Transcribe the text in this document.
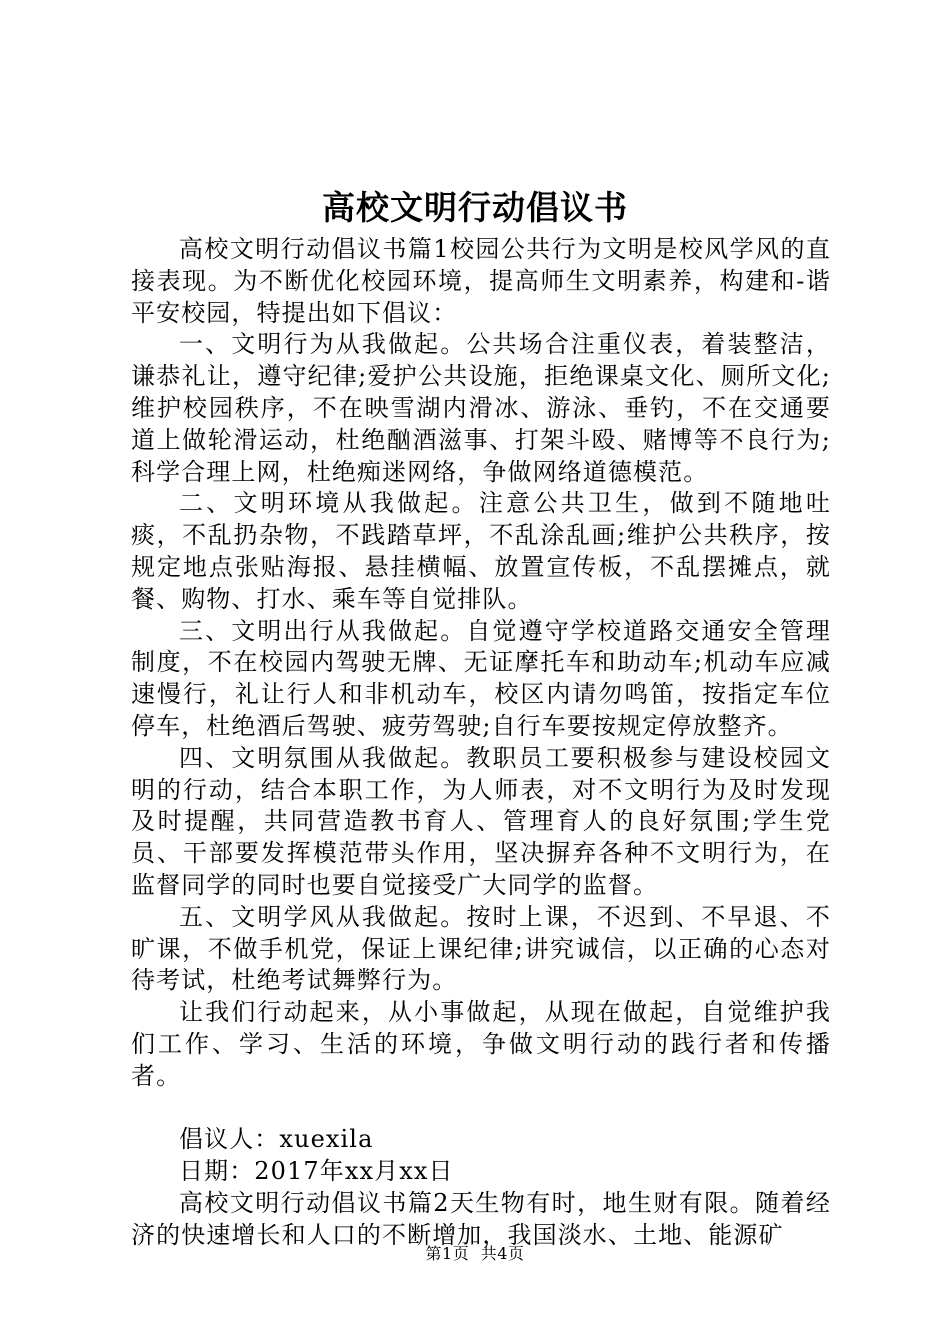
高校文明行动倡议书

高校文明行动倡议书篇1校园公共行为文明是校风学风的直接表现。为不断优化校园环境，提高师生文明素养，构建和-谐平安校园，特提出如下倡议：

一、文明行为从我做起。公共场合注重仪表，着装整洁，谦恭礼让，遵守纪律;爱护公共设施，拒绝课桌文化、厕所文化;维护校园秩序，不在映雪湖内滑冰、游泳、垂钓，不在交通要道上做轮滑运动，杜绝酗酒滋事、打架斗殴、赌博等不良行为;科学合理上网，杜绝痴迷网络，争做网络道德模范。

二、文明环境从我做起。注意公共卫生，做到不随地吐痰，不乱扔杂物，不践踏草坪，不乱涂乱画;维护公共秩序，按规定地点张贴海报、悬挂横幅、放置宣传板，不乱摆摊点，就餐、购物、打水、乘车等自觉排队。

三、文明出行从我做起。自觉遵守学校道路交通安全管理制度，不在校园内驾驶无牌、无证摩托车和助动车;机动车应减速慢行，礼让行人和非机动车，校区内请勿鸣笛，按指定车位停车，杜绝酒后驾驶、疲劳驾驶;自行车要按规定停放整齐。

四、文明氛围从我做起。教职员工要积极参与建设校园文明的行动，结合本职工作，为人师表，对不文明行为及时发现及时提醒，共同营造教书育人、管理育人的良好氛围;学生党员、干部要发挥模范带头作用，坚决摒弃各种不文明行为，在监督同学的同时也要自觉接受广大同学的监督。

五、文明学风从我做起。按时上课，不迟到、不早退、不旷课，不做手机党，保证上课纪律;讲究诚信，以正确的心态对待考试，杜绝考试舞弊行为。

让我们行动起来，从小事做起，从现在做起，自觉维护我们工作、学习、生活的环境，争做文明行动的践行者和传播者。

倡议人：xuexila

日期：2017年xx月xx日

高校文明行动倡议书篇2天生物有时，地生财有限。随着经济的快速增长和人口的不断增加，我国淡水、土地、能源矿

第1页 共4页
